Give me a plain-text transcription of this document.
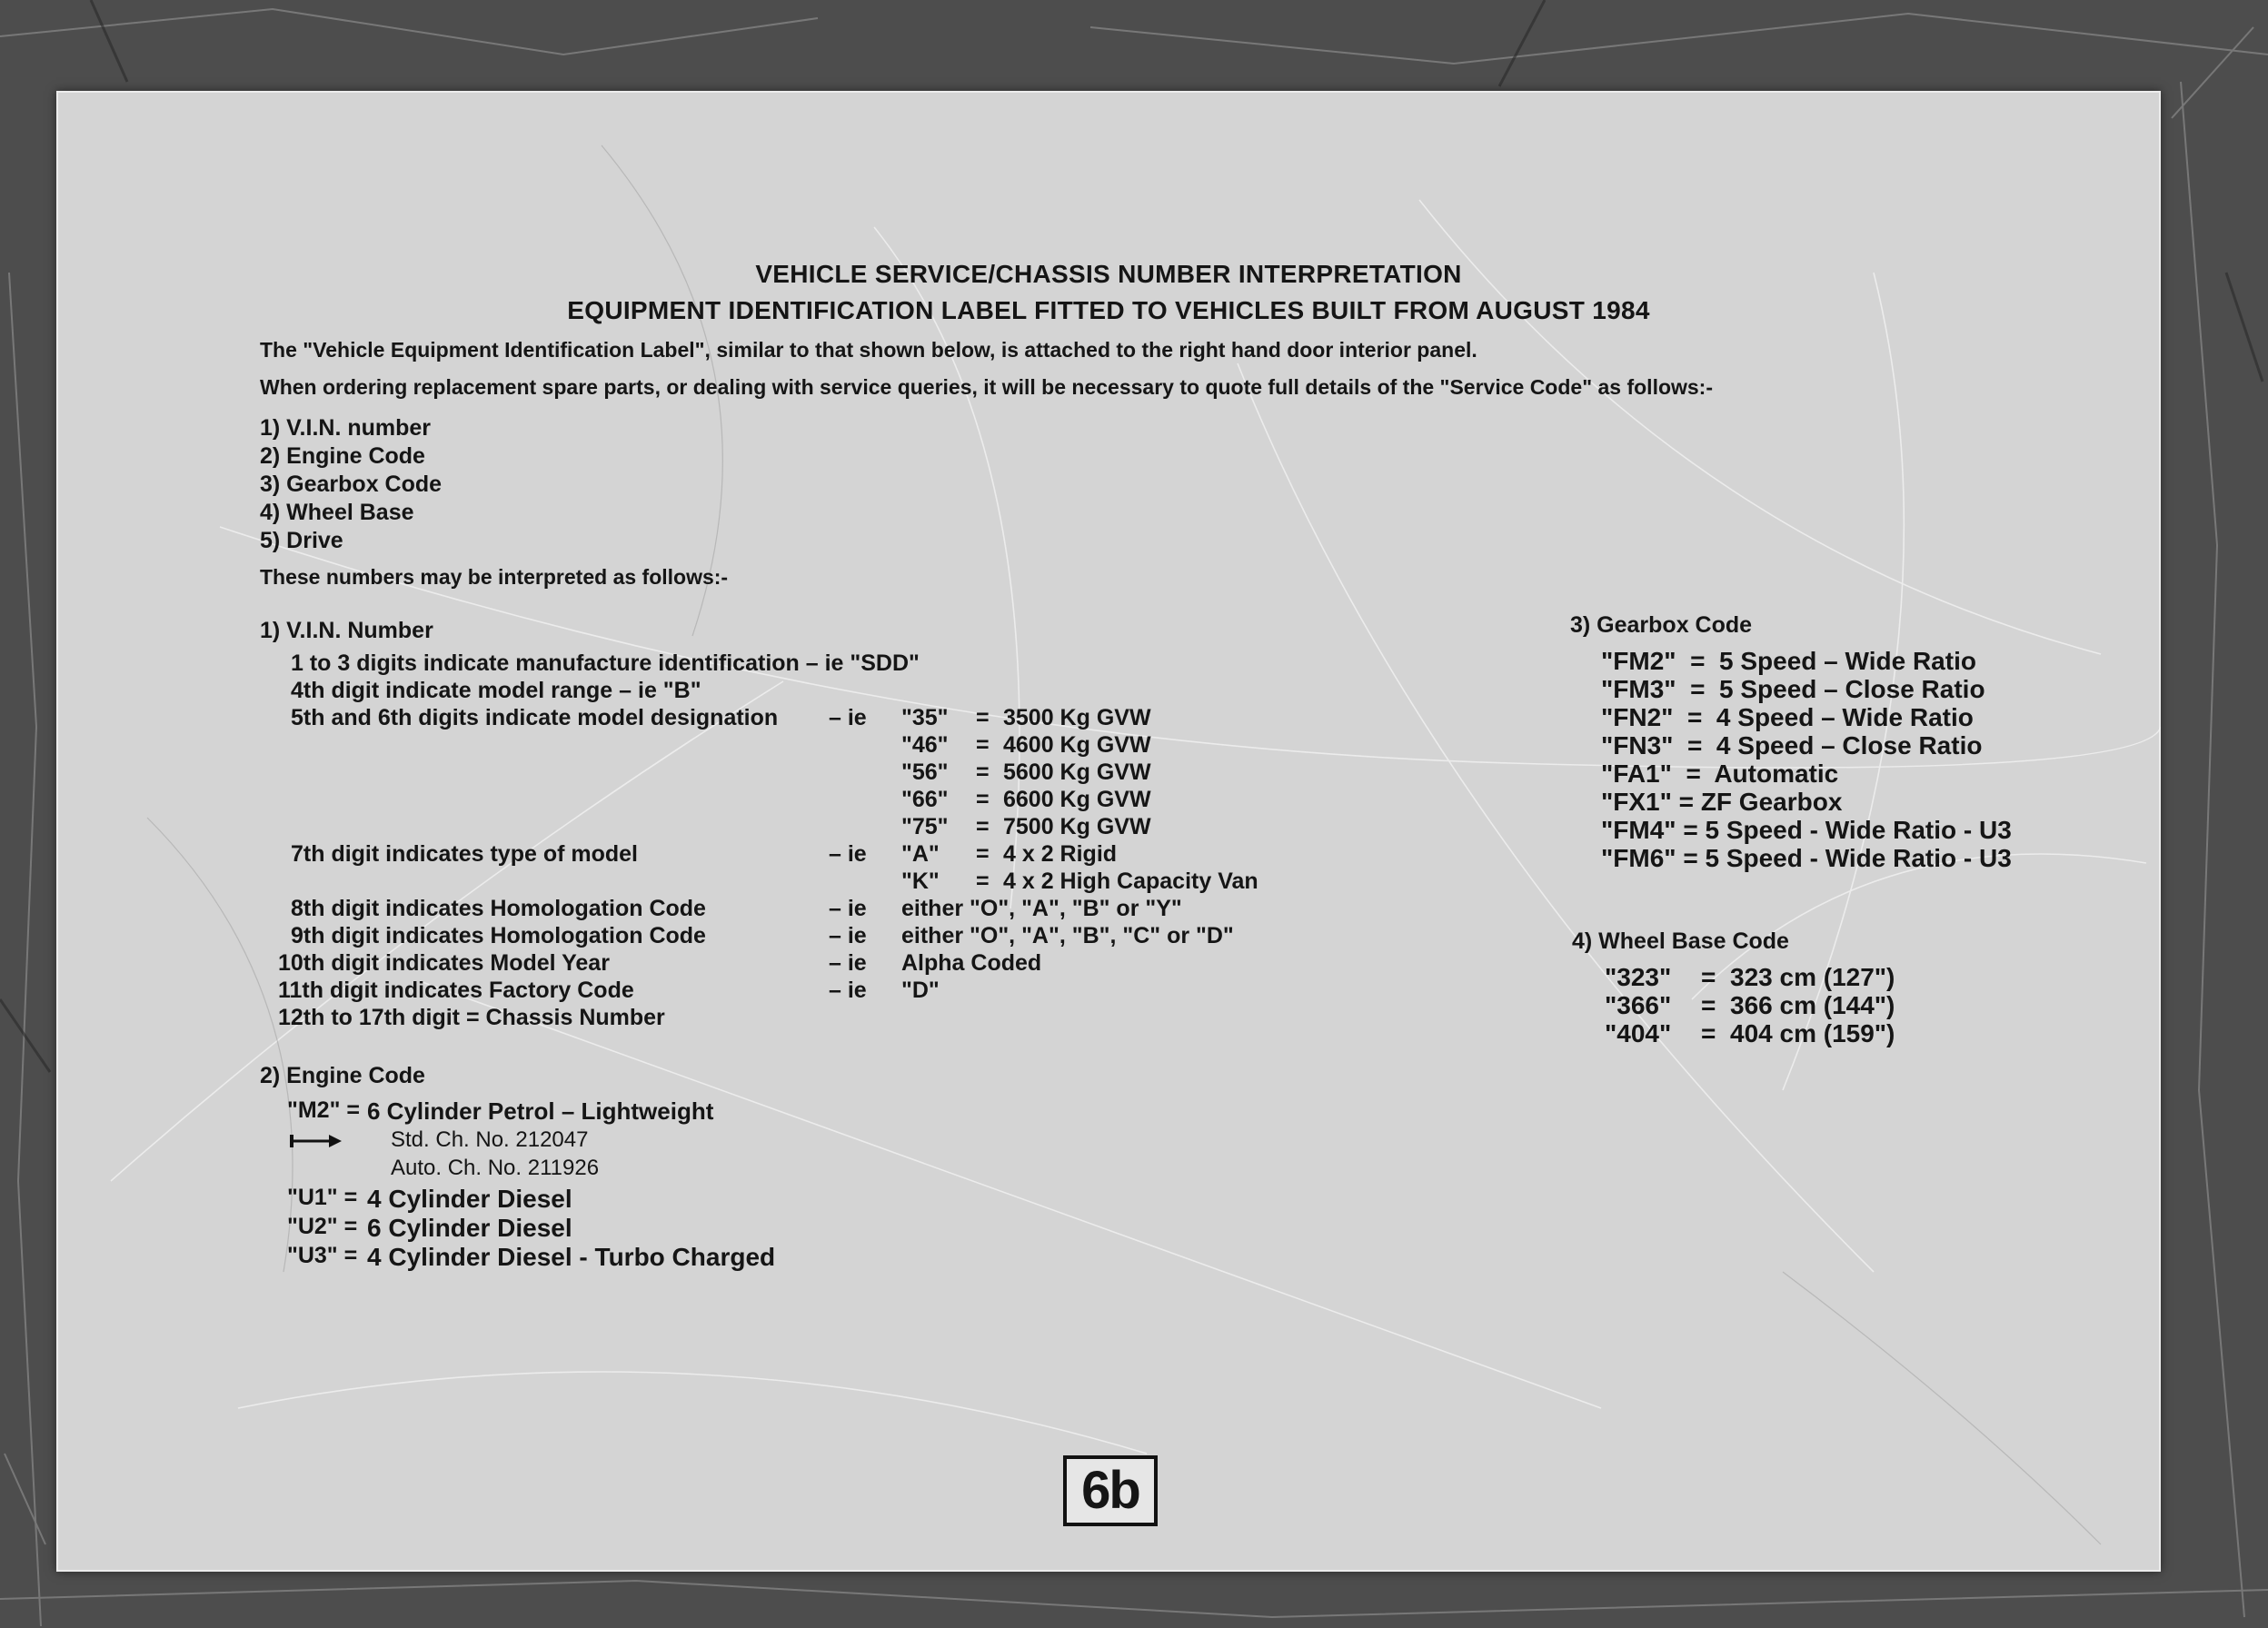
VEHICLE SERVICE/CHASSIS NUMBER INTERPRETATION
EQUIPMENT IDENTIFICATION LABEL FITTED TO VEHICLES BUILT FROM AUGUST 1984
The "Vehicle Equipment Identification Label", similar to that shown below, is attached to the right hand door interior panel.
When ordering replacement spare parts, or dealing with service queries, it will be necessary to quote full details of the "Service Code" as follows:-
1) V.I.N. number
2) Engine Code
3) Gearbox Code
4) Wheel Base
5) Drive
These numbers may be interpreted as follows:-
1) V.I.N. Number
1 to 3 digits indicate manufacture identification – ie "SDD"
4th digit indicate model range – ie "B"
5th and 6th digits indicate model designation – ie "35" = 3500 Kg GVW
"46" = 4600 Kg GVW
"56" = 5600 Kg GVW
"66" = 6600 Kg GVW
"75" = 7500 Kg GVW
7th digit indicates type of model	– ie "A" = 4 x 2 Rigid
"K" = 4 x 2 High Capacity Van
8th digit indicates Homologation Code	– ie either "O", "A", "B" or "Y"
9th digit indicates Homologation Code	– ie either "O", "A", "B", "C" or "D"
10th digit indicates Model Year	– ie Alpha Coded
11th digit indicates Factory Code	– ie "D"
12th to 17th digit = Chassis Number
2) Engine Code
"M2" = 6 Cylinder Petrol – Lightweight
Std. Ch. No. 212047
Auto. Ch. No. 211926
"U1" = 4 Cylinder Diesel
"U2" = 6 Cylinder Diesel
"U3" = 4 Cylinder Diesel - Turbo Charged
3) Gearbox Code
"FM2"  =  5 Speed – Wide Ratio
"FM3"  =  5 Speed – Close Ratio
"FN2"  =  4 Speed – Wide Ratio
"FN3"  =  4 Speed – Close Ratio
"FA1"  =  Automatic
"FX1" = ZF Gearbox
"FM4" = 5 Speed - Wide Ratio - U3
"FM6" = 5 Speed - Wide Ratio - U3
4) Wheel Base Code
"323" = 323 cm (127")
"366" = 366 cm (144")
"404" = 404 cm (159")
6b
